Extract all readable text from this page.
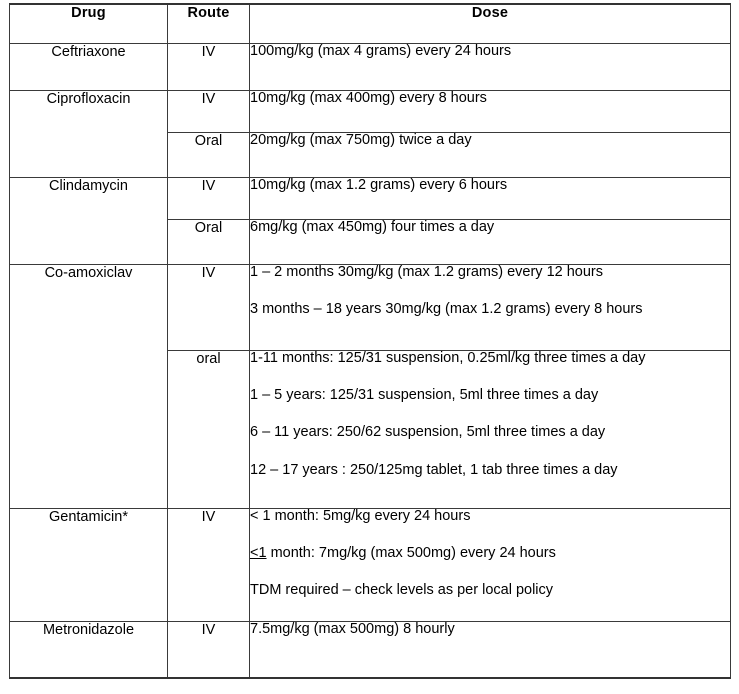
Drug	Route	Dose
Ceftriaxone	IV	100mg/kg (max 4 grams) every 24 hours

Ciprofloxacin	IV	10mg/kg (max 400mg) every 8 hours

	Oral	20mg/kg (max 750mg) twice a day

Clindamycin	IV	10mg/kg (max 1.2 grams) every 6 hours

	Oral	6mg/kg (max 450mg) four times a day

Co-amoxiclav	IV	1 – 2 months 30mg/kg (max 1.2 grams) every 12 hours
3 months – 18 years 30mg/kg (max 1.2 grams) every 8 hours

	oral	1-11 months: 125/31 suspension, 0.25ml/kg three times a day
1 – 5 years: 125/31 suspension, 5ml three times a day
6 – 11 years: 250/62 suspension, 5ml three times a day
12 – 17 years : 250/125mg tablet, 1 tab three times a day

Gentamicin*	IV	< 1 month: 5mg/kg every 24 hours
<1 month: 7mg/kg (max 500mg) every 24 hours
TDM required – check levels as per local policy

Metronidazole	IV	7.5mg/kg (max 500mg) 8 hourly
